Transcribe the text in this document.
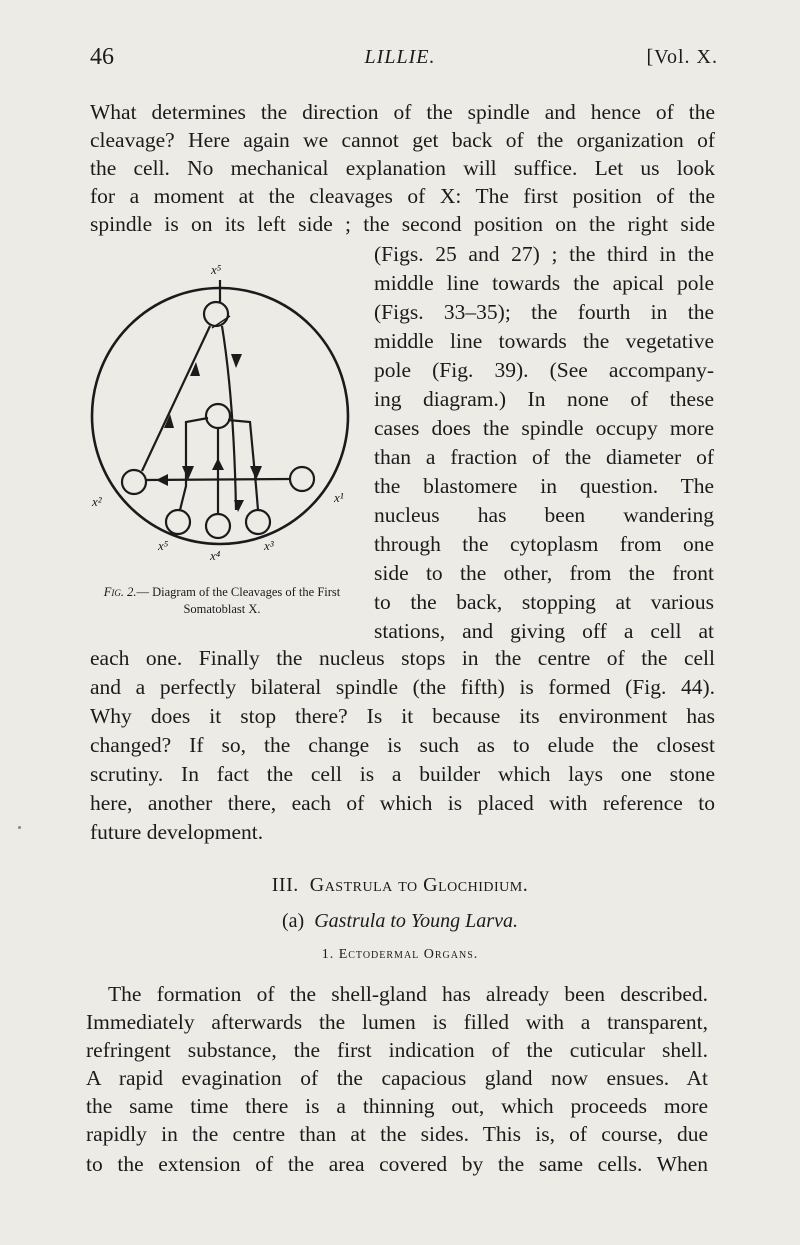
46	LILLIE.	[Vol. X.
What determines the direction of the spindle and hence of the
cleavage? Here again we cannot get back of the organization of
the cell. No mechanical explanation will suffice. Let us look
for a moment at the cleavages of X: The first position of the
spindle is on its left side ; the second position on the right side
(Figs. 25 and 27) ; the third in the
middle line towards the apical pole
(Figs. 33–35); the fourth in the
middle line towards the vegetative
pole (Fig. 39). (See accompany-
ing diagram.) In none of these
cases does the spindle occupy more
than a fraction of the diameter of
the blastomere in question. The
nucleus has been wandering
through the cytoplasm from one
side to the other, from the front
to the back, stopping at various
stations, and giving off a cell at
x⁵
x²	x¹
x⁵
x⁴
x³
Fig. 2.— Diagram of the Cleavages of the First Somatoblast X.
each one. Finally the nucleus stops in the centre of the cell
and a perfectly bilateral spindle (the fifth) is formed (Fig. 44).
Why does it stop there? Is it because its environment has
changed? If so, the change is such as to elude the closest
scrutiny. In fact the cell is a builder which lays one stone
here, another there, each of which is placed with reference to
future development.
III. Gastrula to Glochidium.
(a) Gastrula to Young Larva.
1. Ectodermal Organs.
The formation of the shell-gland has already been described.
Immediately afterwards the lumen is filled with a transparent,
refringent substance, the first indication of the cuticular shell.
A rapid evagination of the capacious gland now ensues. At
the same time there is a thinning out, which proceeds more
rapidly in the centre than at the sides. This is, of course, due
to the extension of the area covered by the same cells. When
